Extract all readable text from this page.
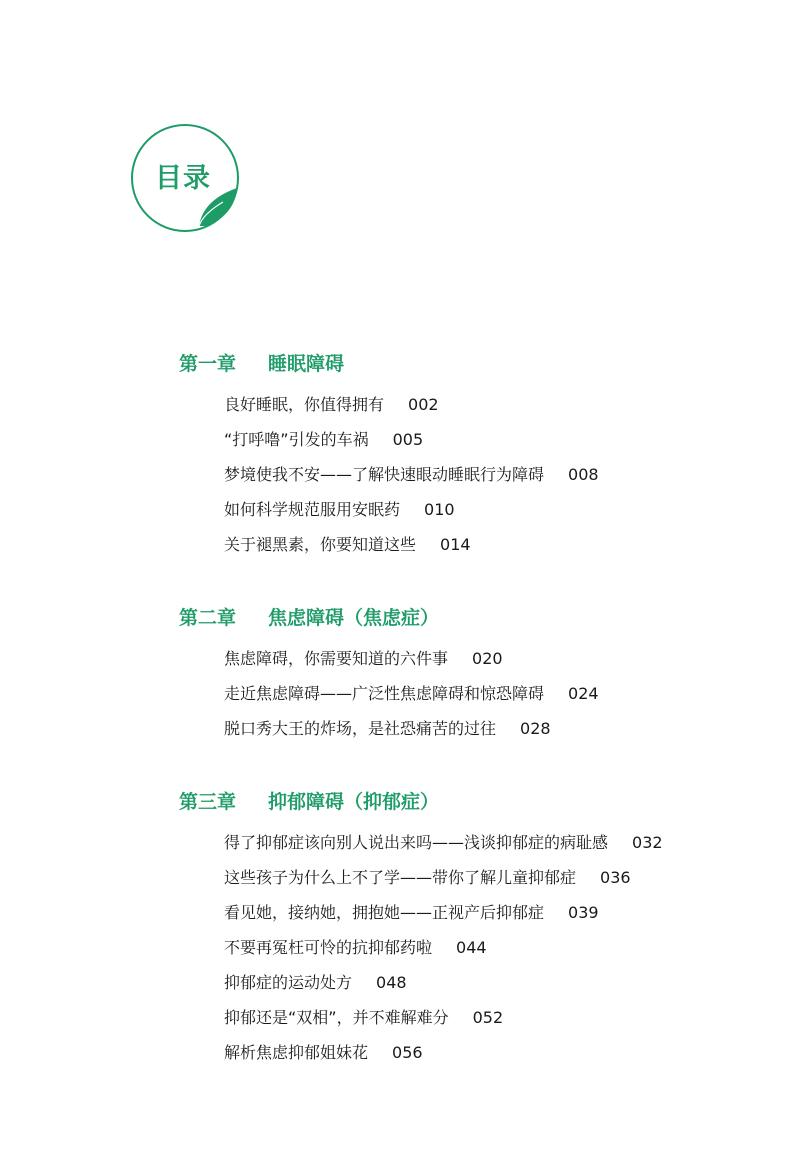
目录
第一章 睡眠障碍
良好睡眠，你值得拥有 002
“打呼噜”引发的车祸 005
梦境使我不安——了解快速眼动睡眠行为障碍 008
如何科学规范服用安眠药 010
关于褪黑素，你要知道这些 014
第二章 焦虑障碍（焦虑症）
焦虑障碍，你需要知道的六件事 020
走近焦虑障碍——广泛性焦虑障碍和惊恐障碍 024
脱口秀大王的炸场，是社恐痛苦的过往 028
第三章 抑郁障碍（抑郁症）
得了抑郁症该向别人说出来吗——浅谈抑郁症的病耻感 032
这些孩子为什么上不了学——带你了解儿童抑郁症 036
看见她，接纳她，拥抱她——正视产后抑郁症 039
不要再冤枉可怜的抗抑郁药啦 044
抑郁症的运动处方 048
抑郁还是“双相”，并不难解难分 052
解析焦虑抑郁姐妹花 056
